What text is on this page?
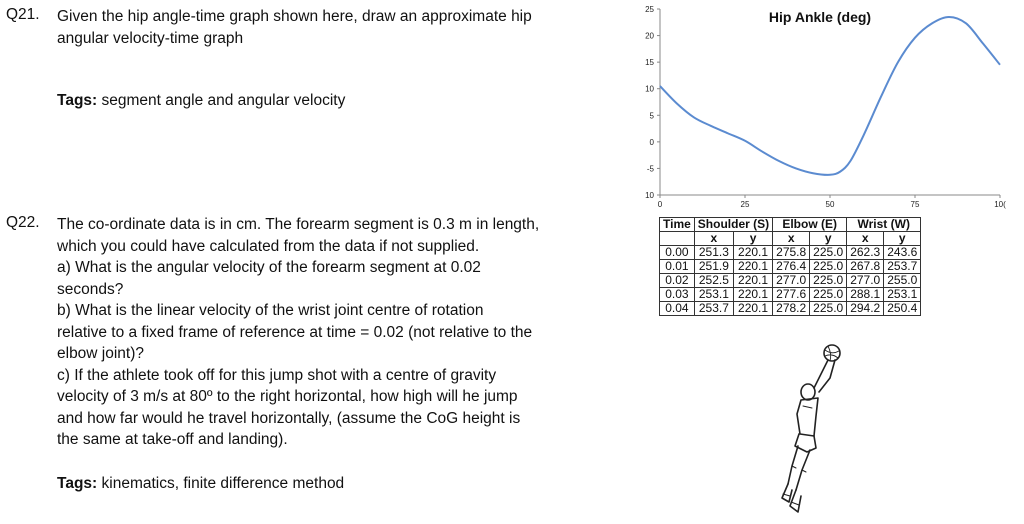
Q21. Given the hip angle-time graph shown here, draw an approximate hip

angular velocity-time graph

Tags: segment angle and angular velocity
Q22. The co-ordinate data is in cm. The forearm segment is 0.3 m in length,

which you could have calculated from the data if not supplied.

a) What is the angular velocity of the forearm segment at 0.02

seconds?

b) What is the linear velocity of the wrist joint centre of rotation

relative to a fixed frame of reference at time = 0.02 (not relative to the

elbow joint)?

c) If the athlete took off for this jump shot with a centre of gravity

velocity of 3 m/s at 80º to the right horizontal, how high will he jump

and how far would he travel horizontally, (assume the CoG height is

the same at take-off and landing).

Tags: kinematics, finite difference method
25
20
15
10
5
0
-5
10
0	25	50	75	10(
Hip Ankle (deg)
Time	Shoulder (S)		Elbow (E)		Wrist (W)	
	x	y	x	y	x	y
0.00	251.3	220.1	275.8	225.0	262.3	243.6
0.01	251.9	220.1	276.4	225.0	267.8	253.7
0.02	252.5	220.1	277.0	225.0	277.0	255.0
0.03	253.1	220.1	277.6	225.0	288.1	253.1
0.04	253.7	220.1	278.2	225.0	294.2	250.4
